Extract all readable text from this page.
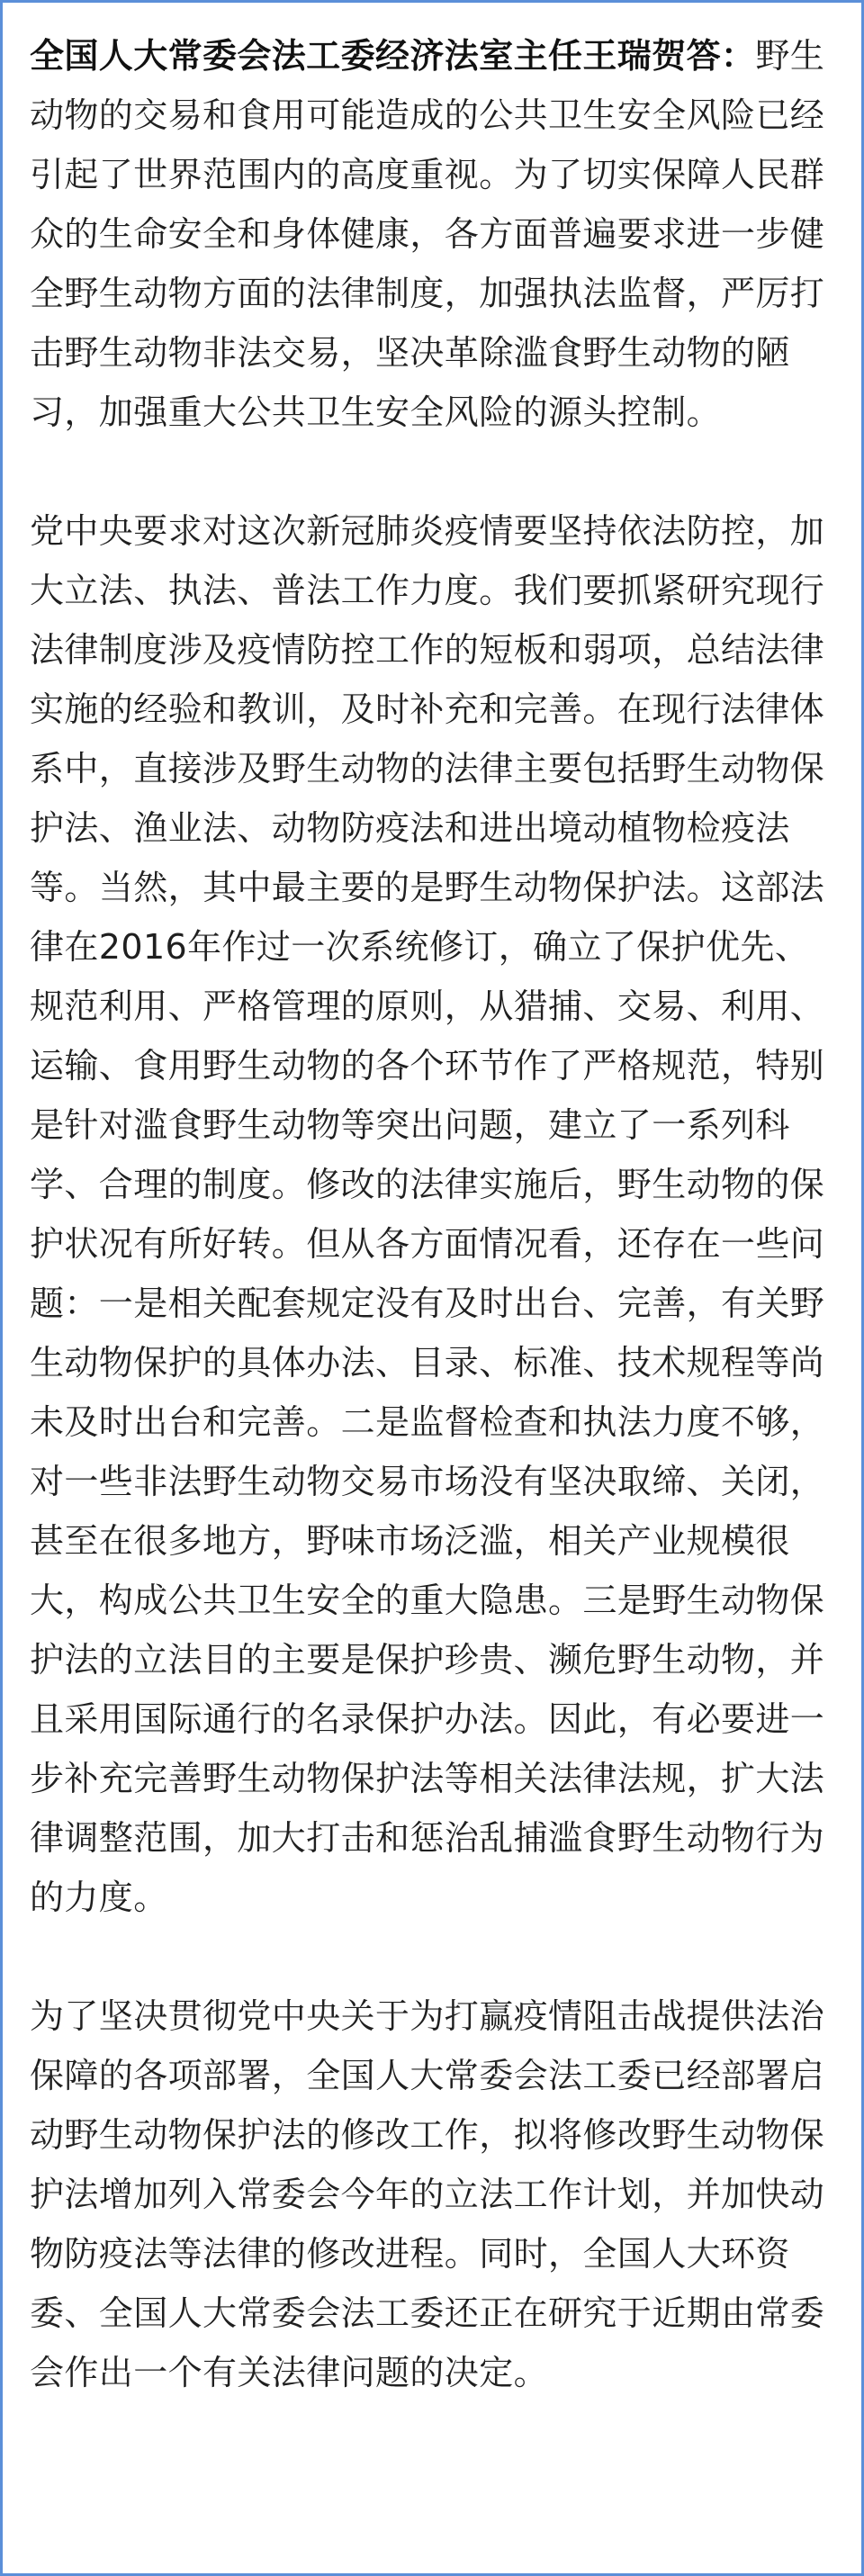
全国人大常委会法工委经济法室主任王瑞贺答：野生动物的交易和食用可能造成的公共卫生安全风险已经引起了世界范围内的高度重视。为了切实保障人民群众的生命安全和身体健康，各方面普遍要求进一步健全野生动物方面的法律制度，加强执法监督，严厉打击野生动物非法交易，坚决革除滥食野生动物的陋习，加强重大公共卫生安全风险的源头控制。

党中央要求对这次新冠肺炎疫情要坚持依法防控，加大立法、执法、普法工作力度。我们要抓紧研究现行法律制度涉及疫情防控工作的短板和弱项，总结法律实施的经验和教训，及时补充和完善。在现行法律体系中，直接涉及野生动物的法律主要包括野生动物保护法、渔业法、动物防疫法和进出境动植物检疫法等。当然，其中最主要的是野生动物保护法。这部法律在2016年作过一次系统修订，确立了保护优先、规范利用、严格管理的原则，从猎捕、交易、利用、运输、食用野生动物的各个环节作了严格规范，特别是针对滥食野生动物等突出问题，建立了一系列科学、合理的制度。修改的法律实施后，野生动物的保护状况有所好转。但从各方面情况看，还存在一些问题：一是相关配套规定没有及时出台、完善，有关野生动物保护的具体办法、目录、标准、技术规程等尚未及时出台和完善。二是监督检查和执法力度不够，对一些非法野生动物交易市场没有坚决取缔、关闭，甚至在很多地方，野味市场泛滥，相关产业规模很大，构成公共卫生安全的重大隐患。三是野生动物保护法的立法目的主要是保护珍贵、濒危野生动物，并且采用国际通行的名录保护办法。因此，有必要进一步补充完善野生动物保护法等相关法律法规，扩大法律调整范围，加大打击和惩治乱捕滥食野生动物行为的力度。

为了坚决贯彻党中央关于为打赢疫情阻击战提供法治保障的各项部署，全国人大常委会法工委已经部署启动野生动物保护法的修改工作，拟将修改野生动物保护法增加列入常委会今年的立法工作计划，并加快动物防疫法等法律的修改进程。同时，全国人大环资委、全国人大常委会法工委还正在研究于近期由常委会作出一个有关法律问题的决定。
